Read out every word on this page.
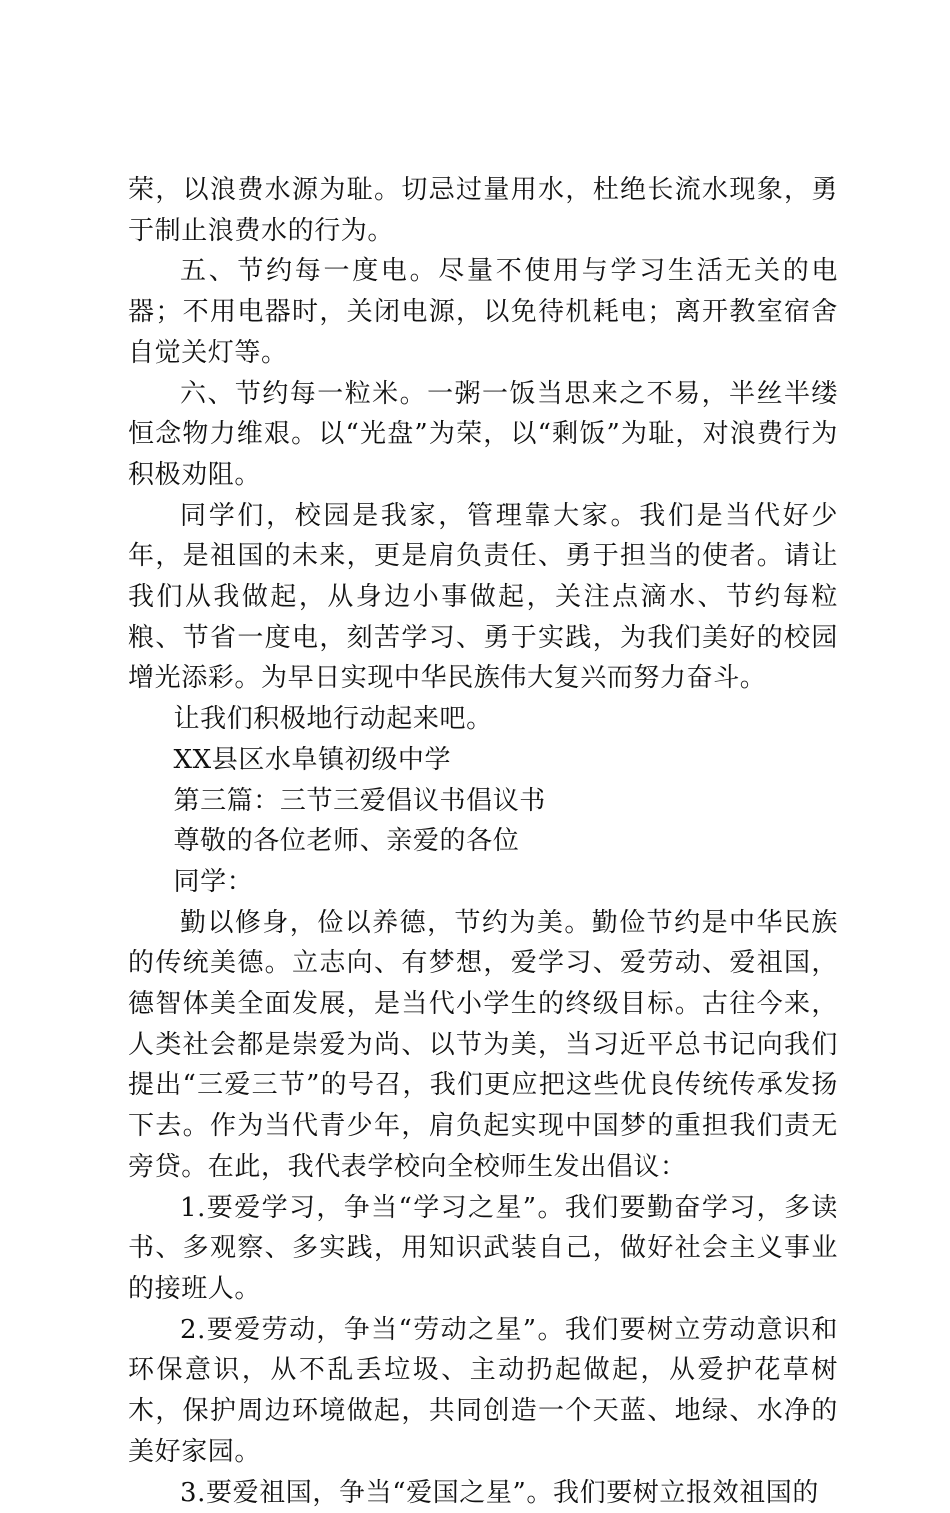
荣，以浪费水源为耻。切忌过量用水，杜绝长流水现象，勇于制止浪费水的行为。

五、节约每一度电。尽量不使用与学习生活无关的电器；不用电器时，关闭电源，以免待机耗电；离开教室宿舍自觉关灯等。

六、节约每一粒米。一粥一饭当思来之不易，半丝半缕恒念物力维艰。以“光盘”为荣，以“剩饭”为耻，对浪费行为积极劝阻。

同学们，校园是我家，管理靠大家。我们是当代好少年，是祖国的未来，更是肩负责任、勇于担当的使者。请让我们从我做起，从身边小事做起，关注点滴水、节约每粒粮、节省一度电，刻苦学习、勇于实践，为我们美好的校园增光添彩。为早日实现中华民族伟大复兴而努力奋斗。

让我们积极地行动起来吧。

XX县区水阜镇初级中学

第三篇：三节三爱倡议书倡议书

尊敬的各位老师、亲爱的各位

同学：

勤以修身，俭以养德，节约为美。勤俭节约是中华民族的传统美德。立志向、有梦想，爱学习、爱劳动、爱祖国，德智体美全面发展，是当代小学生的终级目标。古往今来，人类社会都是崇爱为尚、以节为美，当习近平总书记向我们提出“三爱三节”的号召，我们更应把这些优良传统传承发扬下去。作为当代青少年，肩负起实现中国梦的重担我们责无旁贷。在此，我代表学校向全校师生发出倡议：

1.要爱学习，争当“学习之星”。我们要勤奋学习，多读书、多观察、多实践，用知识武装自己，做好社会主义事业的接班人。

2.要爱劳动，争当“劳动之星”。我们要树立劳动意识和环保意识，从不乱丢垃圾、主动扔起做起，从爱护花草树木，保护周边环境做起，共同创造一个天蓝、地绿、水净的美好家园。

3.要爱祖国，争当“爱国之星”。我们要树立报效祖国的
